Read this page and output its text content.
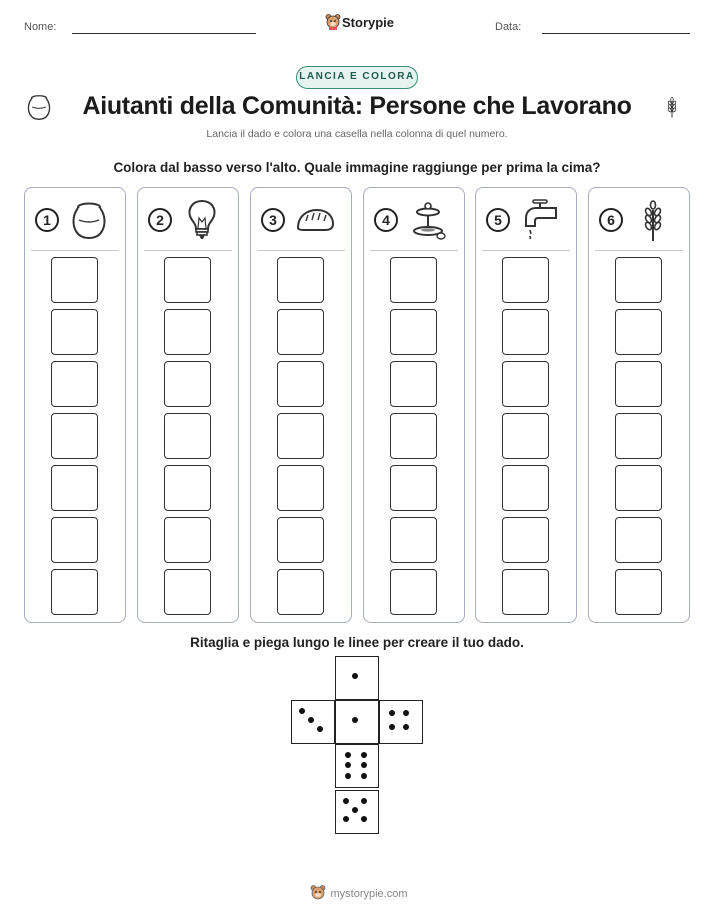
Nome:	Storypie	Data:
LANCIA E COLORA
Aiutanti della Comunità: Persone che Lavorano
Lancia il dado e colora una casella nella colonna di quel numero.
Colora dal basso verso l'alto. Quale immagine raggiunge per prima la cima?
1	2	3	4	5	6
Ritaglia e piega lungo le linee per creare il tuo dado.
mystorypie.com
